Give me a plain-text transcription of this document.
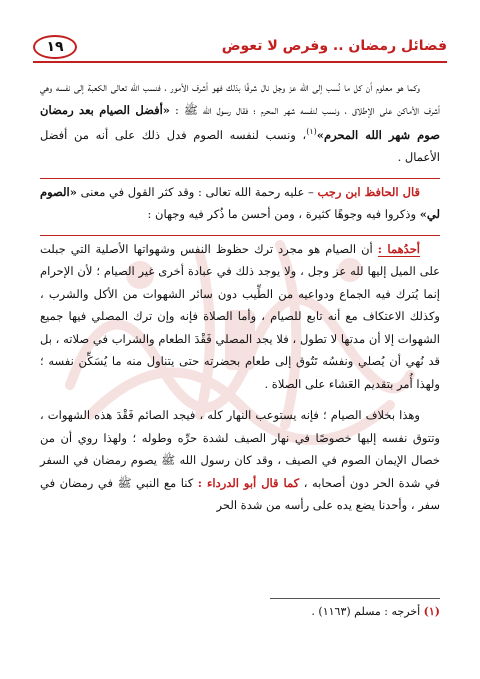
فضائل رمضان .. وفرص لا تعوض
١٩

وكما هو معلوم أن كل ما نُسب إلى الله عز وجل نال شرفًا بذلك فهو أشرف الأمور ، فنسب الله تعالى الكعبة إلى نفسه وهي أشرف الأماكن على الإطلاق ، ونسب لنفسه شهر المحرم ؛ فقال رسول الله ﷺ : «أفضل الصيام بعد رمضان صوم شهر الله المحرم»$^{(١)}$، ونسب لنفسه الصوم فدل ذلك على أنه من أفضل الأعمال .

قال الحافظ ابن رجب – عليه رحمة الله تعالى : وقد كثر القول في معنى «الصوم لي» وذكروا فيه وجوهًا كثيرة ، ومن أحسن ما ذُكر فيه وجهان :

أحدُهما : أن الصيام هو مجرد ترك حظوظ النفس وشهواتها الأصلية التي جبلت على الميل إليها لله عز وجل ، ولا يوجد ذلك في عبادة أخرى غير الصيام ؛ لأن الإحرام إنما يُترك فيه الجماع ودواعيه من الطِّيب دون سائر الشهوات من الأكل والشرب ، وكذلك الاعتكاف مع أنه تابع للصيام ، وأما الصلاة فإنه وإن ترك المصلي فيها جميع الشهوات إلا أن مدتها لا تطول ، فلا يجد المصلي فَقْدَ الطعام والشراب في صلاته ، بل قد نُهي أن يُصلي ونفسُه تَتُوق إلى طعام بحضرته حتى يتناول منه ما يُسَكِّن نفسه ؛ ولهذا أُمر بتقديم العَشاء على الصلاة .

وهذا بخلاف الصيام ؛ فإنه يستوعب النهار كله ، فيجد الصائم فَقْدَ هذه الشهوات ، وتتوق نفسه إليها خصوصًا في نهار الصيف لشدة حرِّه وطوله ؛ ولهذا روي أن من خصال الإيمان الصوم في الصيف ، وقد كان رسول الله ﷺ يصوم رمضان في السفر في شدة الحر دون أصحابه ، كما قال أبو الدرداء : كنا مع النبي ﷺ في رمضان في سفر ، وأحدنا يضع يده على رأسه من شدة الحر

(١) أخرجه : مسلم (١١٦٣) .
